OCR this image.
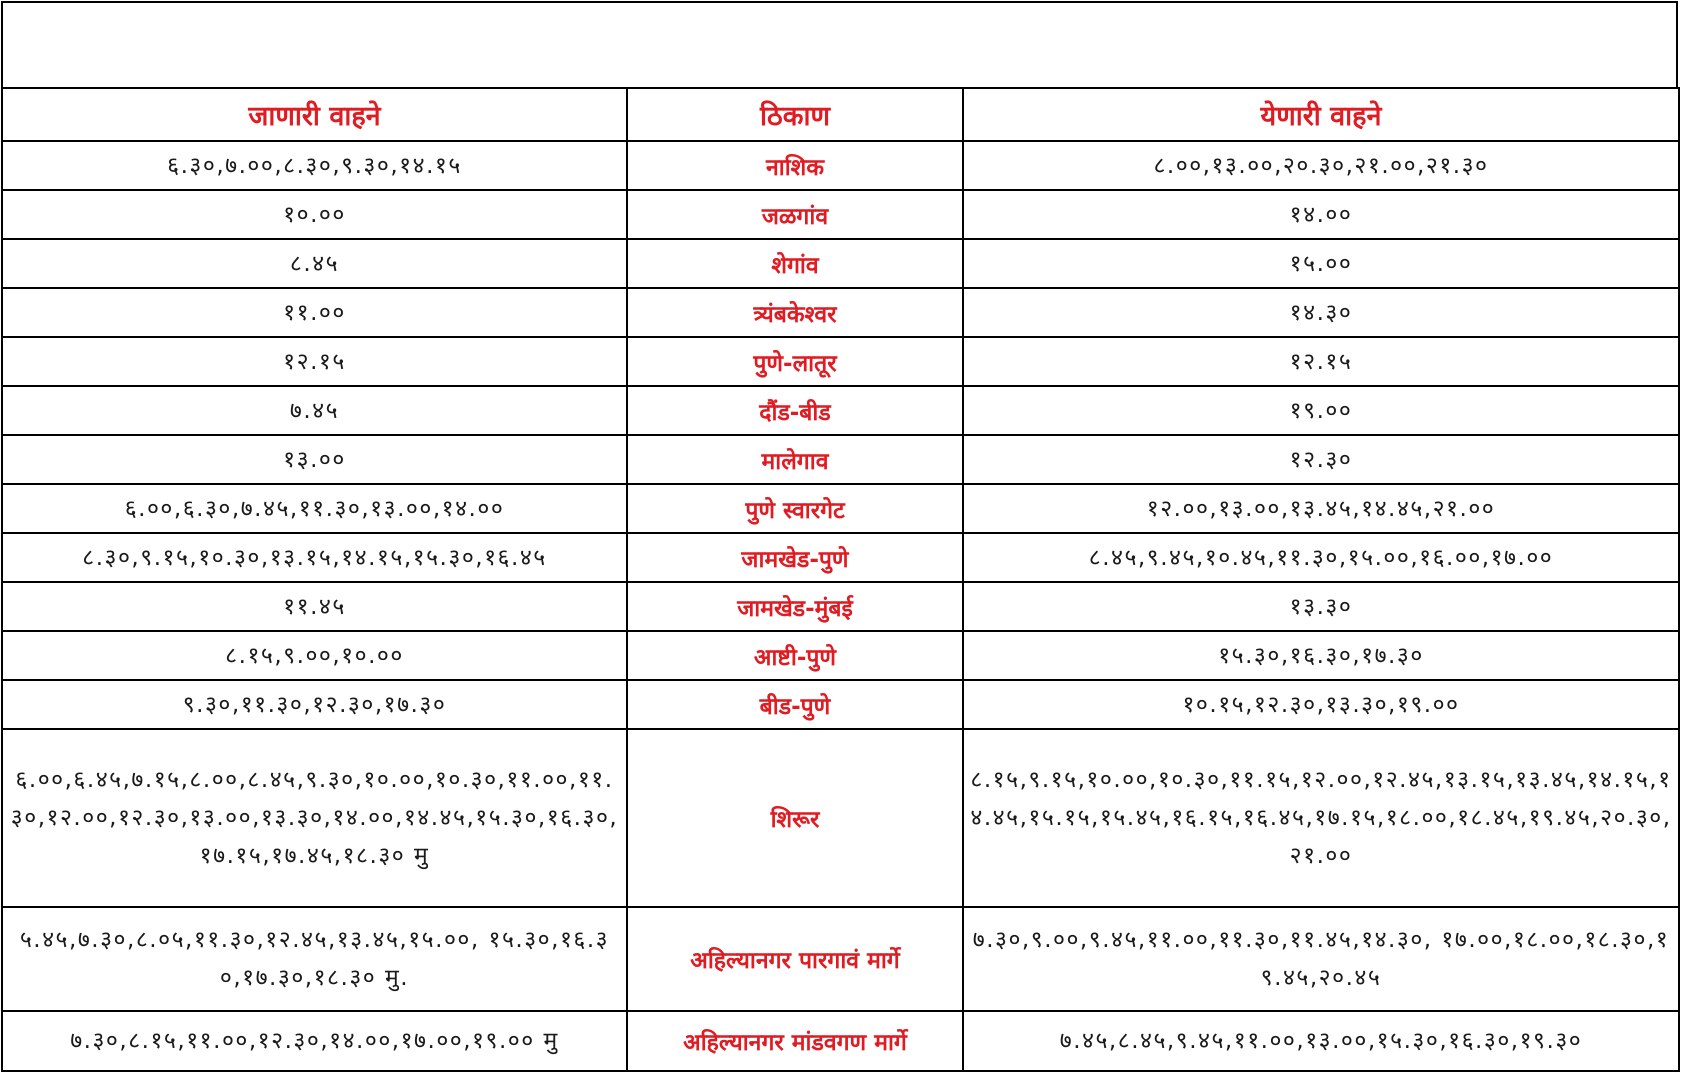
जाणारी वाहने	ठिकाण	येणारी वाहने
६.३०,७.००,८.३०,९.३०,१४.१५	नाशिक	८.००,१३.००,२०.३०,२१.००,२१.३०
१०.००	जळगांव	१४.००
८.४५	शेगांव	१५.००
११.००	त्र्यंबकेश्वर	१४.३०
१२.१५	पुणे-लातूर	१२.१५
७.४५	दौंड-बीड	१९.००
१३.००	मालेगाव	१२.३०
६.००,६.३०,७.४५,११.३०,१३.००,१४.००	पुणे स्वारगेट	१२.००,१३.००,१३.४५,१४.४५,२१.००
८.३०,९.१५,१०.३०,१३.१५,१४.१५,१५.३०,१६.४५	जामखेड-पुणे	८.४५,९.४५,१०.४५,११.३०,१५.००,१६.००,१७.००
११.४५	जामखेड-मुंबई	१३.३०
८.१५,९.००,१०.००	आष्टी-पुणे	१५.३०,१६.३०,१७.३०
९.३०,११.३०,१२.३०,१७.३०	बीड-पुणे	१०.१५,१२.३०,१३.३०,१९.००
६.००,६.४५,७.१५,८.००,८.४५,९.३०,१०.००,१०.३०,११.००,११.३०,१२.००,१२.३०,१३.००,१३.३०,१४.००,१४.४५,१५.३०,१६.३०,१७.१५,१७.४५,१८.३० मु	शिरूर	८.१५,९.१५,१०.००,१०.३०,११.१५,१२.००,१२.४५,१३.१५,१३.४५,१४.१५,१४.४५,१५.१५,१५.४५,१६.१५,१६.४५,१७.१५,१८.००,१८.४५,१९.४५,२०.३०,२१.००
५.४५,७.३०,८.०५,११.३०,१२.४५,१३.४५,१५.००, १५.३०,१६.३०,१७.३०,१८.३० मु.	अहिल्यानगर पारगावं मार्गे	७.३०,९.००,९.४५,११.००,११.३०,११.४५,१४.३०, १७.००,१८.००,१८.३०,१९.४५,२०.४५
७.३०,८.१५,११.००,१२.३०,१४.००,१७.००,१९.०० मु	अहिल्यानगर मांडवगण मार्गे	७.४५,८.४५,९.४५,११.००,१३.००,१५.३०,१६.३०,१९.३०
